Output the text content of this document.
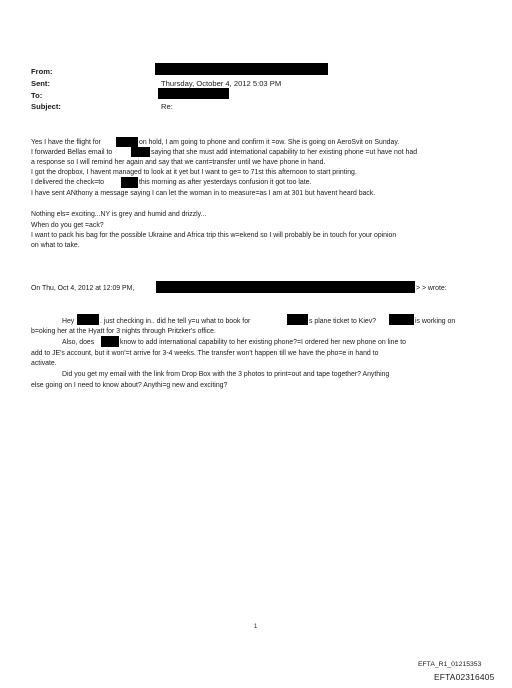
From:
Sent:	Thursday, October 4, 2012 5:03 PM
To:
Subject:	Re:
Yes I have the flight for	on hold, I am going to phone and confirm it =ow. She is going on AeroSvit on Sunday.
I forwarded Bellas email to	saying that she must add international capability to her existing phone =ut have not had
a response so I will remind her again and say that we cant=transfer until we have phone in hand.
I got the dropbox, I havent managed to look at it yet but I want to ge= to 71st this afternoon to start printing.
I delivered the check=to	this morning as after yesterdays confusion it got too late.
I have sent ANthony a message saying I can let the woman in to measure=as I am at 301 but havent heard back.
Nothing els= exciting...NY is grey and humid and drizzly...
When do you get =ack?
I want to pack his bag for the possible Ukraine and Africa trip this w=ekend so I will probably be in touch for your opinion
on what to take.
On Thu, Oct 4, 2012 at 12:09 PM,	> > wrote:
Hey	. just checking in.. did he tell y=u what to book for	s plane ticket to Kiev?	is working on
b=oking her at the Hyatt for 3 nights through Pritzker's office.
Also, does	know to add international capability to her existing phone?=I ordered her new phone on line to
add to JE's account, but it won'=t arrive for 3-4 weeks. The transfer won't happen till we have the pho=e in hand to
activate.
Did you get my email with the link from Drop Box with the 3 photos to print=out and tape together? Anything
else going on I need to know about? Anythi=g new and exciting?
1
EFTA_R1_01215353
EFTA02316405
